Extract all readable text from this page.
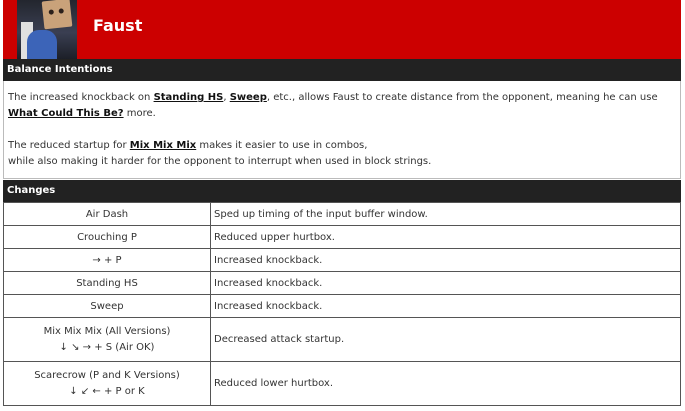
Faust
Balance Intentions
The increased knockback on Standing HS, Sweep, etc., allows Faust to create distance from the opponent, meaning he can use What Could This Be? more.
The reduced startup for Mix Mix Mix makes it easier to use in combos,
while also making it harder for the opponent to interrupt when used in block strings.
Changes
Air Dash	Sped up timing of the input buffer window.
Crouching P	Reduced upper hurtbox.
→ + P	Increased knockback.
Standing HS	Increased knockback.
Sweep	Increased knockback.

Mix Mix Mix (All Versions)
↓ ↘ → + S (Air OK)	Decreased attack startup.

Scarecrow (P and K Versions)
↓ ↙ ← + P or K	Reduced lower hurtbox.
